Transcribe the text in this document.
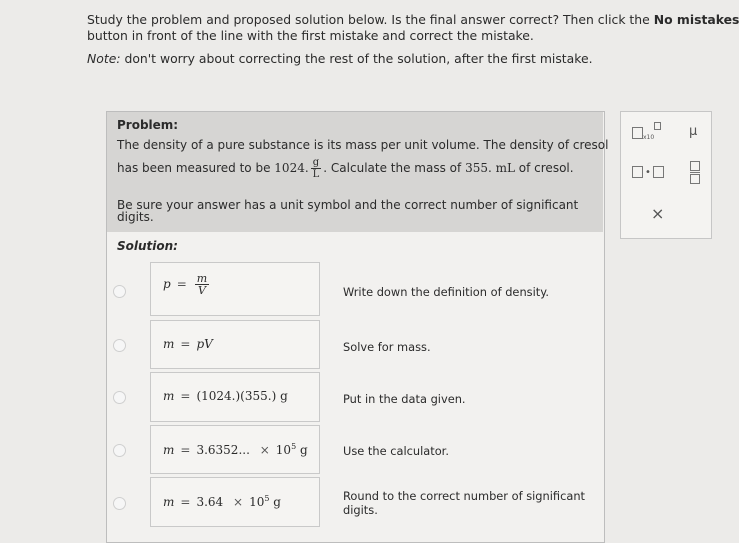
Study the problem and proposed solution below. Is the final answer correct? Then click the No mistakes
button in front of the line with the first mistake and correct the mistake.
Note: don't worry about correcting the rest of the solution, after the first mistake.
Problem:
The density of a pure substance is its mass per unit volume. The density of cresol
has been measured to be 1024. $\frac{g}{L}$ . Calculate the mass of 355. mL of cresol.
Be sure your answer has a unit symbol and the correct number of significant
digits.
Solution:
$p = \frac{m}{V}$	Write down the definition of density.
m = pV	Solve for mass.
m = (1024.)(355.) g	Put in the data given.
m = 3.6352... × $10^5$ g	Use the calculator.
$m = 3.64 \times 10^5$ g	Round to the correct number of significant digits.
x10	μ
•
×
